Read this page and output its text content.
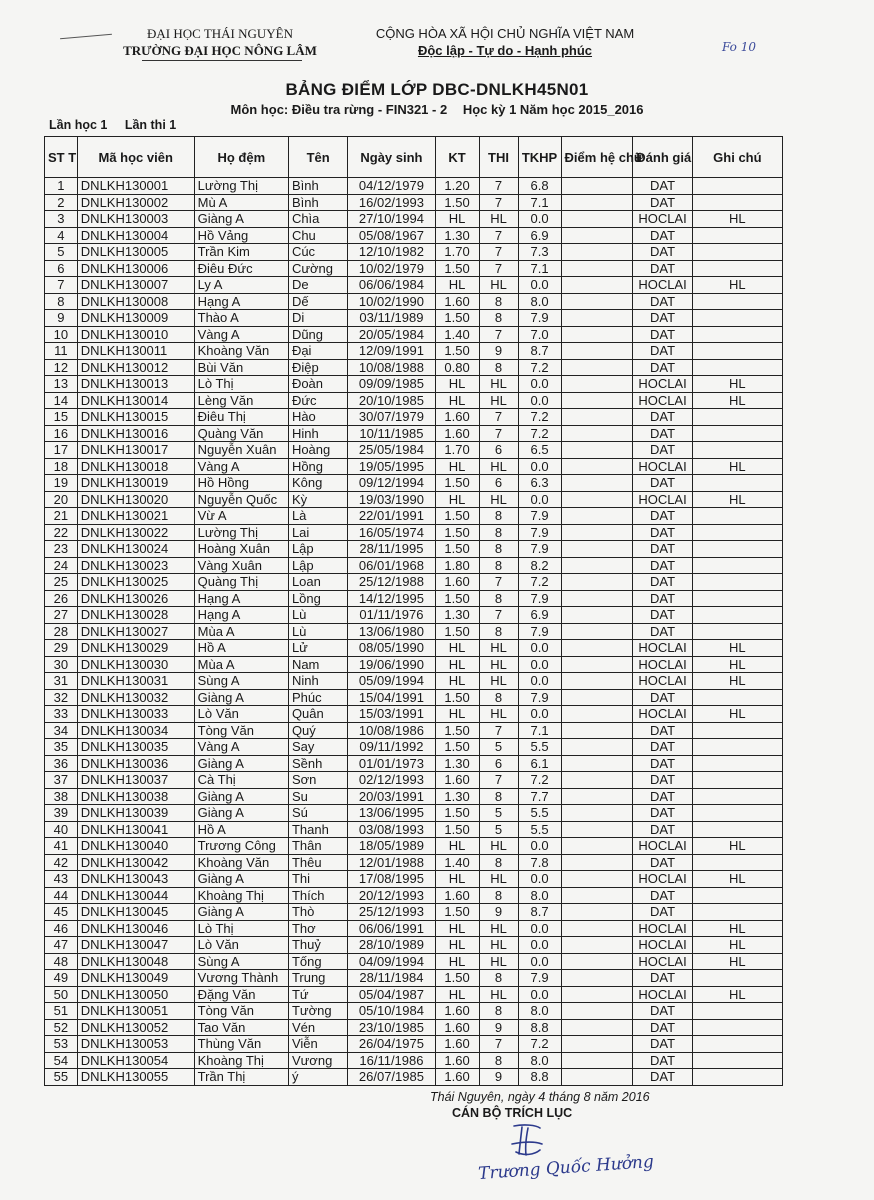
ĐẠI HỌC THÁI NGUYÊN
TRƯỜNG ĐẠI HỌC NÔNG LÂM
CỘNG HÒA XÃ HỘI CHỦ NGHĨA VIỆT NAM
Độc lập - Tự do - Hạnh phúc	Fo 10
BẢNG ĐIỂM LỚP DBC-DNLKH45N01
Môn học: Điều tra rừng - FIN321 - 2 Học kỳ 1 Năm học 2015_2016
Lần học 1 Lần thi 1
ST T	Mã học viên	Họ đệm	Tên	Ngày sinh	KT	THI	TKHP	Điểm hệ chữ	Đánh giá	Ghi chú
1	DNLKH130001	Lường Thị	Bình	04/12/1979	1.20	7	6.8		DAT	
2	DNLKH130002	Mù A	Bình	16/02/1993	1.50	7	7.1		DAT	
3	DNLKH130003	Giàng A	Chìa	27/10/1994	HL	HL	0.0		HOCLAI	HL
4	DNLKH130004	Hồ Vảng	Chu	05/08/1967	1.30	7	6.9		DAT	
5	DNLKH130005	Trần Kim	Cúc	12/10/1982	1.70	7	7.3		DAT	
6	DNLKH130006	Điêu Đức	Cường	10/02/1979	1.50	7	7.1		DAT	
7	DNLKH130007	Ly A	De	06/06/1984	HL	HL	0.0		HOCLAI	HL
8	DNLKH130008	Hạng A	Dế	10/02/1990	1.60	8	8.0		DAT	
9	DNLKH130009	Thào A	Di	03/11/1989	1.50	8	7.9		DAT	
10	DNLKH130010	Vàng A	Dũng	20/05/1984	1.40	7	7.0		DAT	
11	DNLKH130011	Khoàng Văn	Đại	12/09/1991	1.50	9	8.7		DAT	
12	DNLKH130012	Bùi Văn	Điệp	10/08/1988	0.80	8	7.2		DAT	
13	DNLKH130013	Lò Thị	Đoàn	09/09/1985	HL	HL	0.0		HOCLAI	HL
14	DNLKH130014	Lèng Văn	Đức	20/10/1985	HL	HL	0.0		HOCLAI	HL
15	DNLKH130015	Điêu Thị	Hào	30/07/1979	1.60	7	7.2		DAT	
16	DNLKH130016	Quàng Văn	Hinh	10/11/1985	1.60	7	7.2		DAT	
17	DNLKH130017	Nguyễn Xuân	Hoàng	25/05/1984	1.70	6	6.5		DAT	
18	DNLKH130018	Vàng A	Hồng	19/05/1995	HL	HL	0.0		HOCLAI	HL
19	DNLKH130019	Hồ Hồng	Kông	09/12/1994	1.50	6	6.3		DAT	
20	DNLKH130020	Nguyễn Quốc	Kỳ	19/03/1990	HL	HL	0.0		HOCLAI	HL
21	DNLKH130021	Vừ A	Là	22/01/1991	1.50	8	7.9		DAT	
22	DNLKH130022	Lường Thị	Lai	16/05/1974	1.50	8	7.9		DAT	
23	DNLKH130024	Hoàng Xuân	Lập	28/11/1995	1.50	8	7.9		DAT	
24	DNLKH130023	Vàng Xuân	Lập	06/01/1968	1.80	8	8.2		DAT	
25	DNLKH130025	Quàng Thị	Loan	25/12/1988	1.60	7	7.2		DAT	
26	DNLKH130026	Hạng A	Lồng	14/12/1995	1.50	8	7.9		DAT	
27	DNLKH130028	Hạng A	Lù	01/11/1976	1.30	7	6.9		DAT	
28	DNLKH130027	Mùa A	Lù	13/06/1980	1.50	8	7.9		DAT	
29	DNLKH130029	Hồ A	Lử	08/05/1990	HL	HL	0.0		HOCLAI	HL
30	DNLKH130030	Mùa A	Nam	19/06/1990	HL	HL	0.0		HOCLAI	HL
31	DNLKH130031	Sùng A	Ninh	05/09/1994	HL	HL	0.0		HOCLAI	HL
32	DNLKH130032	Giàng A	Phúc	15/04/1991	1.50	8	7.9		DAT	
33	DNLKH130033	Lò Văn	Quân	15/03/1991	HL	HL	0.0		HOCLAI	HL
34	DNLKH130034	Tòng Văn	Quý	10/08/1986	1.50	7	7.1		DAT	
35	DNLKH130035	Vàng A	Say	09/11/1992	1.50	5	5.5		DAT	
36	DNLKH130036	Giàng A	Sềnh	01/01/1973	1.30	6	6.1		DAT	
37	DNLKH130037	Cà Thị	Sơn	02/12/1993	1.60	7	7.2		DAT	
38	DNLKH130038	Giàng A	Su	20/03/1991	1.30	8	7.7		DAT	
39	DNLKH130039	Giàng A	Sú	13/06/1995	1.50	5	5.5		DAT	
40	DNLKH130041	Hồ A	Thanh	03/08/1993	1.50	5	5.5		DAT	
41	DNLKH130040	Trương Công	Thân	18/05/1989	HL	HL	0.0		HOCLAI	HL
42	DNLKH130042	Khoàng Văn	Thêu	12/01/1988	1.40	8	7.8		DAT	
43	DNLKH130043	Giàng A	Thi	17/08/1995	HL	HL	0.0		HOCLAI	HL
44	DNLKH130044	Khoàng Thị	Thích	20/12/1993	1.60	8	8.0		DAT	
45	DNLKH130045	Giàng A	Thò	25/12/1993	1.50	9	8.7		DAT	
46	DNLKH130046	Lò Thị	Thơ	06/06/1991	HL	HL	0.0		HOCLAI	HL
47	DNLKH130047	Lò Văn	Thuỷ	28/10/1989	HL	HL	0.0		HOCLAI	HL
48	DNLKH130048	Sùng A	Tống	04/09/1994	HL	HL	0.0		HOCLAI	HL
49	DNLKH130049	Vương Thành	Trung	28/11/1984	1.50	8	7.9		DAT	
50	DNLKH130050	Đặng Văn	Tứ	05/04/1987	HL	HL	0.0		HOCLAI	HL
51	DNLKH130051	Tòng Văn	Tường	05/10/1984	1.60	8	8.0		DAT	
52	DNLKH130052	Tao Văn	Vén	23/10/1985	1.60	9	8.8		DAT	
53	DNLKH130053	Thùng Văn	Viễn	26/04/1975	1.60	7	7.2		DAT	
54	DNLKH130054	Khoàng Thị	Vương	16/11/1986	1.60	8	8.0		DAT	
55	DNLKH130055	Trần Thị	ý	26/07/1985	1.60	9	8.8		DAT	
Thái Nguyên, ngày 4 tháng 8 năm 2016
CÁN BỘ TRÍCH LỤC
Trương Quốc Hưởng
